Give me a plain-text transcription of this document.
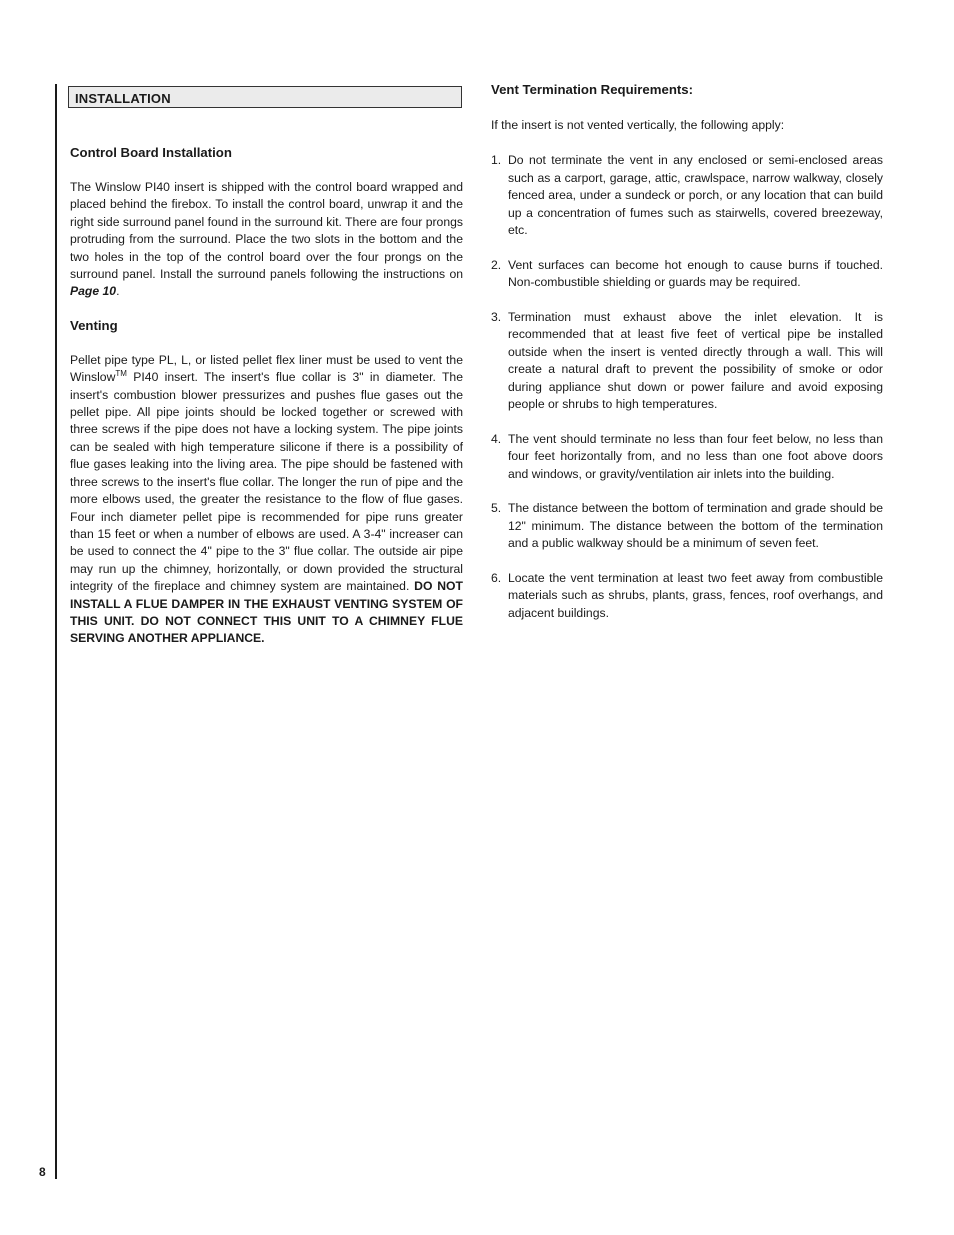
8
INSTALLATION
Control Board Installation

The Winslow PI40 insert is shipped with the control board wrapped and placed behind the firebox. To install the control board, unwrap it and the right side surround panel found in the surround kit. There are four prongs protruding from the surround. Place the two slots in the bottom and the two holes in the top of the control board over the four prongs on the surround panel. Install the surround panels following the instructions on Page 10.

Venting

Pellet pipe type PL, L, or listed pellet flex liner must be used to vent the Winslow™ PI40 insert. The insert's flue collar is 3" in diameter. The insert's combustion blower pressurizes and pushes flue gases out the pellet pipe. All pipe joints should be locked together or screwed with three screws if the pipe does not have a locking system. The pipe joints can be sealed with high temperature silicone if there is a possibility of flue gases leaking into the living area. The pipe should be fastened with three screws to the insert's flue collar. The longer the run of pipe and the more elbows used, the greater the resistance to the flow of flue gases. Four inch diameter pellet pipe is recommended for pipe runs greater than 15 feet or when a number of elbows are used. A 3-4" increaser can be used to connect the 4" pipe to the 3" flue collar. The outside air pipe may run up the chimney, horizontally, or down provided the structural integrity of the fireplace and chimney system are maintained. DO NOT INSTALL A FLUE DAMPER IN THE EXHAUST VENTING SYSTEM OF THIS UNIT. DO NOT CONNECT THIS UNIT TO A CHIMNEY FLUE SERVING ANOTHER APPLIANCE.

Vent Termination Requirements:

If the insert is not vented vertically, the following apply:

1. Do not terminate the vent in any enclosed or semi-enclosed areas such as a carport, garage, attic, crawlspace, narrow walkway, closely fenced area, under a sundeck or porch, or any location that can build up a concentration of fumes such as stairwells, covered breezeway, etc.
2. Vent surfaces can become hot enough to cause burns if touched. Non-combustible shielding or guards may be required.
3. Termination must exhaust above the inlet elevation. It is recommended that at least five feet of vertical pipe be installed outside when the insert is vented directly through a wall. This will create a natural draft to prevent the possibility of smoke or odor during appliance shut down or power failure and avoid exposing people or shrubs to high temperatures.
4. The vent should terminate no less than four feet below, no less than four feet horizontally from, and no less than one foot above doors and windows, or gravity/ventilation air inlets into the building.
5. The distance between the bottom of termination and grade should be 12" minimum. The distance between the bottom of the termination and a public walkway should be a minimum of seven feet.
6. Locate the vent termination at least two feet away from combustible materials such as shrubs, plants, grass, fences, roof overhangs, and adjacent buildings.
